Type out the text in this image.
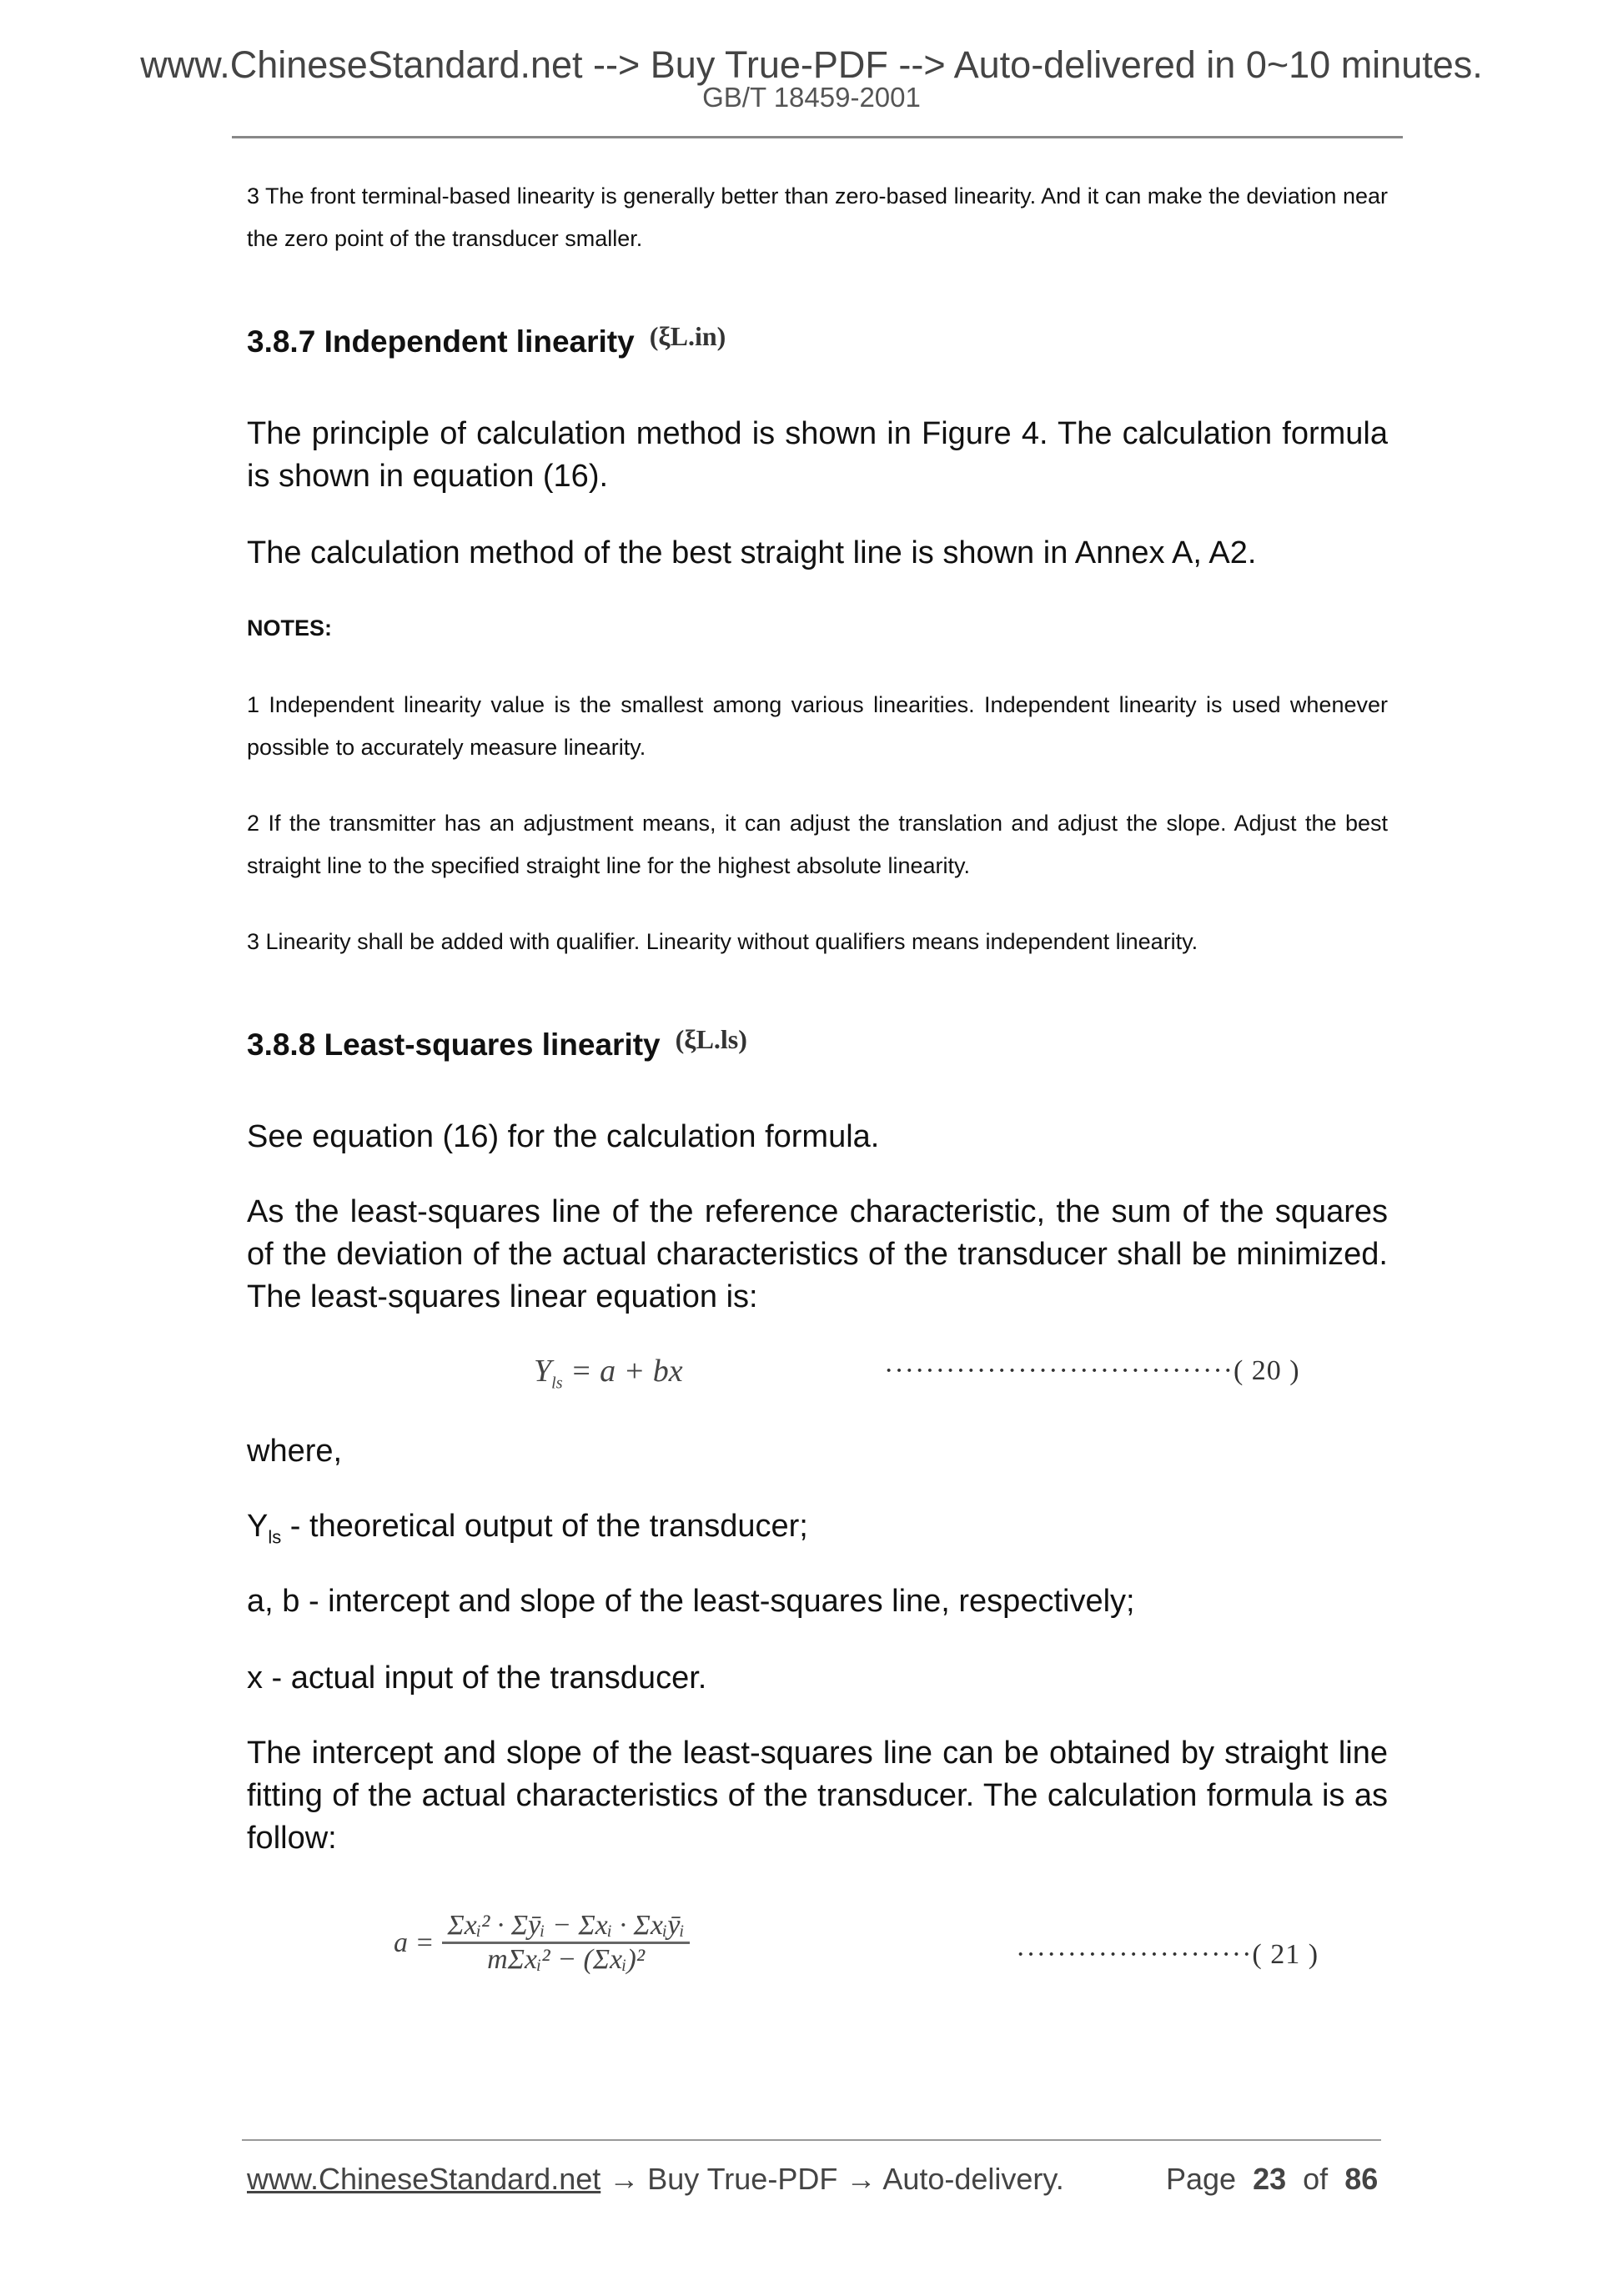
www.ChineseStandard.net --> Buy True-PDF --> Auto-delivered in 0~10 minutes.
GB/T 18459-2001
3 The front terminal-based linearity is generally better than zero-based linearity. And it can make the deviation near the zero point of the transducer smaller.
3.8.7 Independent linearity (ξL.in)
The principle of calculation method is shown in Figure 4. The calculation formula is shown in equation (16).
The calculation method of the best straight line is shown in Annex A, A2.
NOTES:
1 Independent linearity value is the smallest among various linearities. Independent linearity is used whenever possible to accurately measure linearity.
2 If the transmitter has an adjustment means, it can adjust the translation and adjust the slope. Adjust the best straight line to the specified straight line for the highest absolute linearity.
3 Linearity shall be added with qualifier. Linearity without qualifiers means independent linearity.
3.8.8 Least-squares linearity (ξL.ls)
See equation (16) for the calculation formula.
As the least-squares line of the reference characteristic, the sum of the squares of the deviation of the actual characteristics of the transducer shall be minimized. The least-squares linear equation is:
$Y_{ls} = a$ + bx	··································( 20 )
where,
$Y_{ls}$ - theoretical output of the transducer;
a, b - intercept and slope of the least-squares line, respectively;
x - actual input of the transducer.
The intercept and slope of the least-squares line can be obtained by straight line fitting of the actual characteristics of the transducer. The calculation formula is as follow:
$a = \frac{\text{Σxᵢ² · Σȳᵢ − Σxᵢ · Σxᵢȳᵢ}}{\text{mΣxᵢ² − (Σxᵢ)²}}$	·······················( 21 )
www.ChineseStandard.net → Buy True-PDF → Auto-delivery.	Page 23 of 86
